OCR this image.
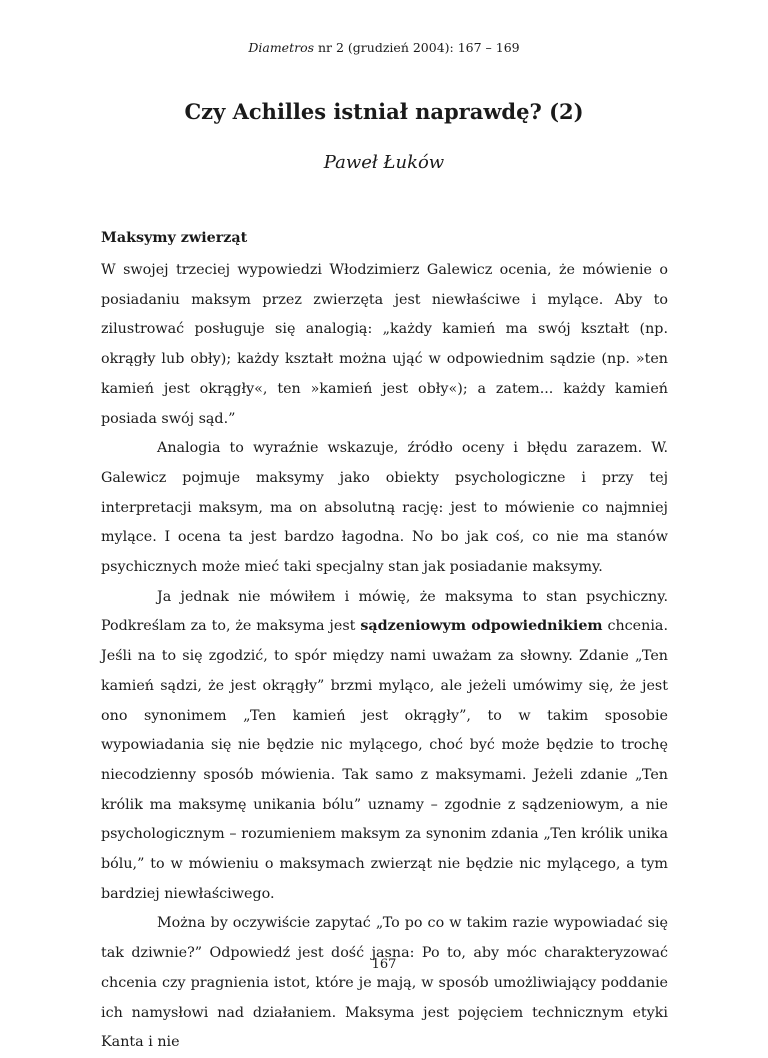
Diametros nr 2 (grudzień 2004): 167 – 169
Czy Achilles istniał naprawdę? (2)
Paweł Łuków
Maksymy zwierząt

W swojej trzeciej wypowiedzi Włodzimierz Galewicz ocenia, że mówienie o posiadaniu maksym przez zwierzęta jest niewłaściwe i mylące. Aby to zilustrować posługuje się analogią: „każdy kamień ma swój kształt (np. okrągły lub obły); każdy kształt można ująć w odpowiednim sądzie (np. »ten kamień jest okrągły«, ten »kamień jest obły«); a zatem... każdy kamień posiada swój sąd.”

Analogia to wyraźnie wskazuje, źródło oceny i błędu zarazem. W. Galewicz pojmuje maksymy jako obiekty psychologiczne i przy tej interpretacji maksym, ma on absolutną rację: jest to mówienie co najmniej mylące. I ocena ta jest bardzo łagodna. No bo jak coś, co nie ma stanów psychicznych może mieć taki specjalny stan jak posiadanie maksymy.

Ja jednak nie mówiłem i mówię, że maksyma to stan psychiczny. Podkreślam za to, że maksyma jest sądzeniowym odpowiednikiem chcenia. Jeśli na to się zgodzić, to spór między nami uważam za słowny. Zdanie „Ten kamień sądzi, że jest okrągły” brzmi myląco, ale jeżeli umówimy się, że jest ono synonimem „Ten kamień jest okrągły”, to w takim sposobie wypowiadania się nie będzie nic mylącego, choć być może będzie to trochę niecodzienny sposób mówienia. Tak samo z maksymami. Jeżeli zdanie „Ten królik ma maksymę unikania bólu” uznamy – zgodnie z sądzeniowym, a nie psychologicznym – rozumieniem maksym za synonim zdania „Ten królik unika bólu,” to w mówieniu o maksymach zwierząt nie będzie nic mylącego, a tym bardziej niewłaściwego.

Można by oczywiście zapytać „To po co w takim razie wypowiadać się tak dziwnie?” Odpowiedź jest dość jasna: Po to, aby móc charakteryzować chcenia czy pragnienia istot, które je mają, w sposób umożliwiający poddanie ich namysłowi nad działaniem. Maksyma jest pojęciem technicznym etyki Kanta i nie

167
